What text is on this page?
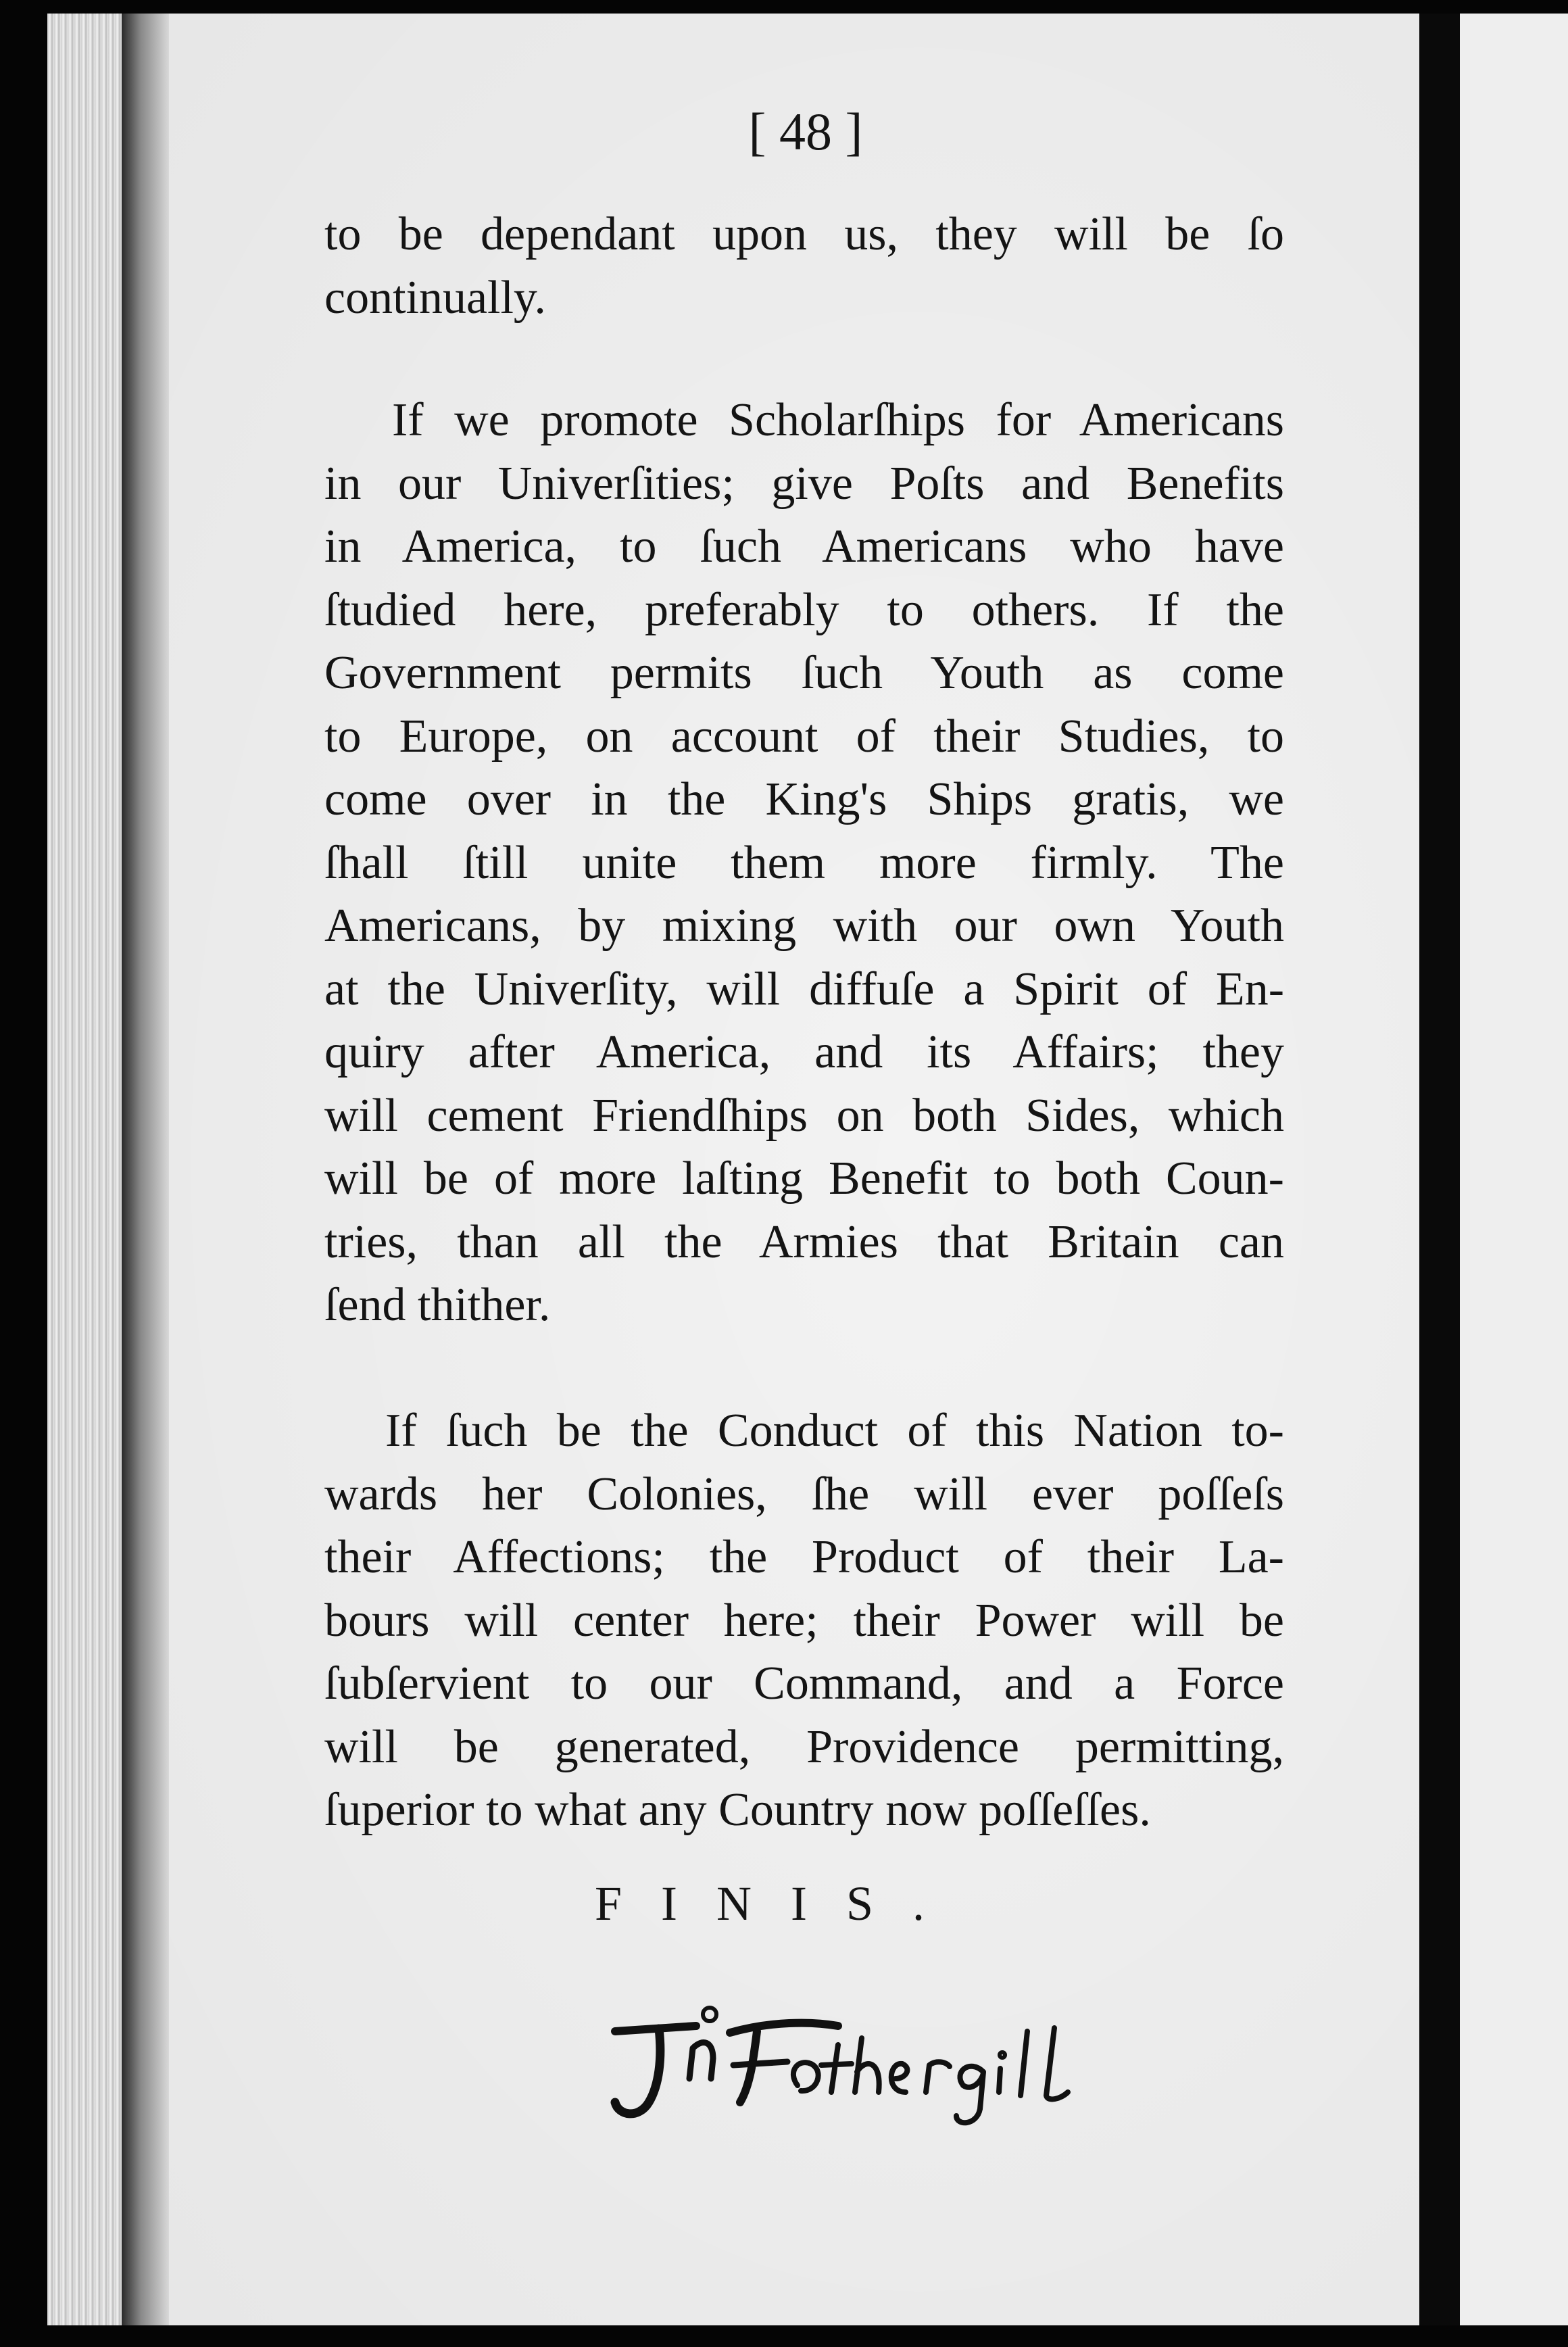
[ 48 ]

to be dependant upon us, they will be ſo
continually.

If we promote Scholarſhips for Americans
in our Univerſities; give Poſts and Benefits
in America, to ſuch Americans who have
ſtudied here, preferably to others. If the
Government permits ſuch Youth as come
to Europe, on account of their Studies, to
come over in the King's Ships gratis, we
ſhall ſtill unite them more firmly. The
Americans, by mixing with our own Youth
at the Univerſity, will diffuſe a Spirit of En-
quiry after America, and its Affairs; they
will cement Friendſhips on both Sides, which
will be of more laſting Benefit to both Coun-
tries, than all the Armies that Britain can
ſend thither.

If ſuch be the Conduct of this Nation to-
wards her Colonies, ſhe will ever poſſeſs
their Affections; the Product of their La-
bours will center here; their Power will be
ſubſervient to our Command, and a Force
will be generated, Providence permitting,
ſuperior to what any Country now poſſeſſes.

FINIS.
